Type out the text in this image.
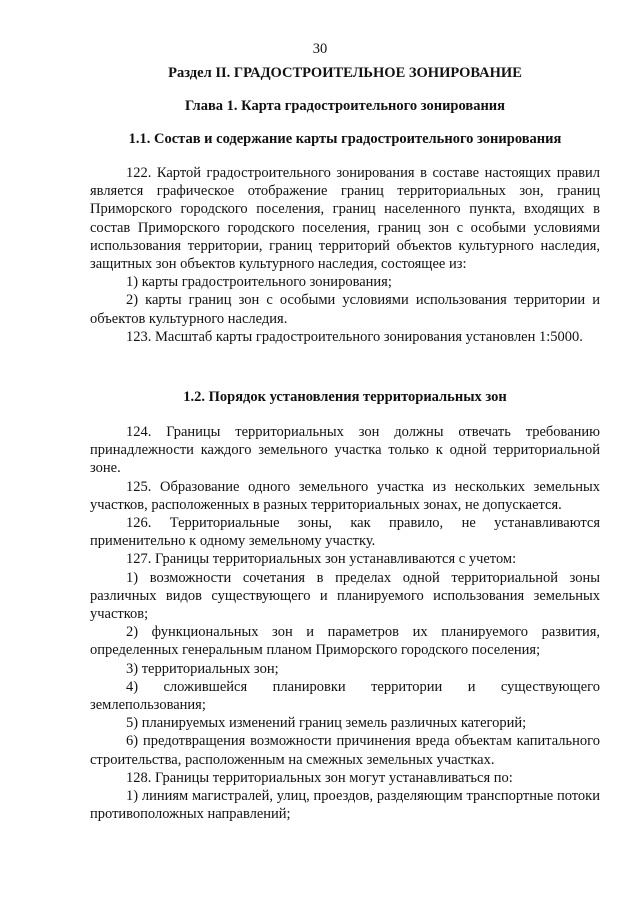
30
Раздел II. ГРАДОСТРОИТЕЛЬНОЕ ЗОНИРОВАНИЕ
Глава 1. Карта градостроительного зонирования
1.1. Состав и содержание карты градостроительного зонирования

122. Картой градостроительного зонирования в составе настоящих правил является графическое отображение границ территориальных зон, границ Приморского городского поселения, границ населенного пункта, входящих в состав Приморского городского поселения, границ зон с особыми условиями использования территории, границ территорий объектов культурного наследия, защитных зон объектов культурного наследия, состоящее из:

1) карты градостроительного зонирования;

2) карты границ зон с особыми условиями использования территории и объектов культурного наследия.

123. Масштаб карты градостроительного зонирования установлен 1:5000.

1.2. Порядок установления территориальных зон

124. Границы территориальных зон должны отвечать требованию принадлежности каждого земельного участка только к одной территориальной зоне.

125. Образование одного земельного участка из нескольких земельных участков, расположенных в разных территориальных зонах, не допускается.

126. Территориальные зоны, как правило, не устанавливаются применительно к одному земельному участку.

127. Границы территориальных зон устанавливаются с учетом:

1) возможности сочетания в пределах одной территориальной зоны различных видов существующего и планируемого использования земельных участков;

2) функциональных зон и параметров их планируемого развития, определенных генеральным планом Приморского городского поселения;

3) территориальных зон;

4) сложившейся планировки территории и существующего землепользования;

5) планируемых изменений границ земель различных категорий;

6) предотвращения возможности причинения вреда объектам капитального строительства, расположенным на смежных земельных участках.

128. Границы территориальных зон могут устанавливаться по:

1) линиям магистралей, улиц, проездов, разделяющим транспортные потоки противоположных направлений;
